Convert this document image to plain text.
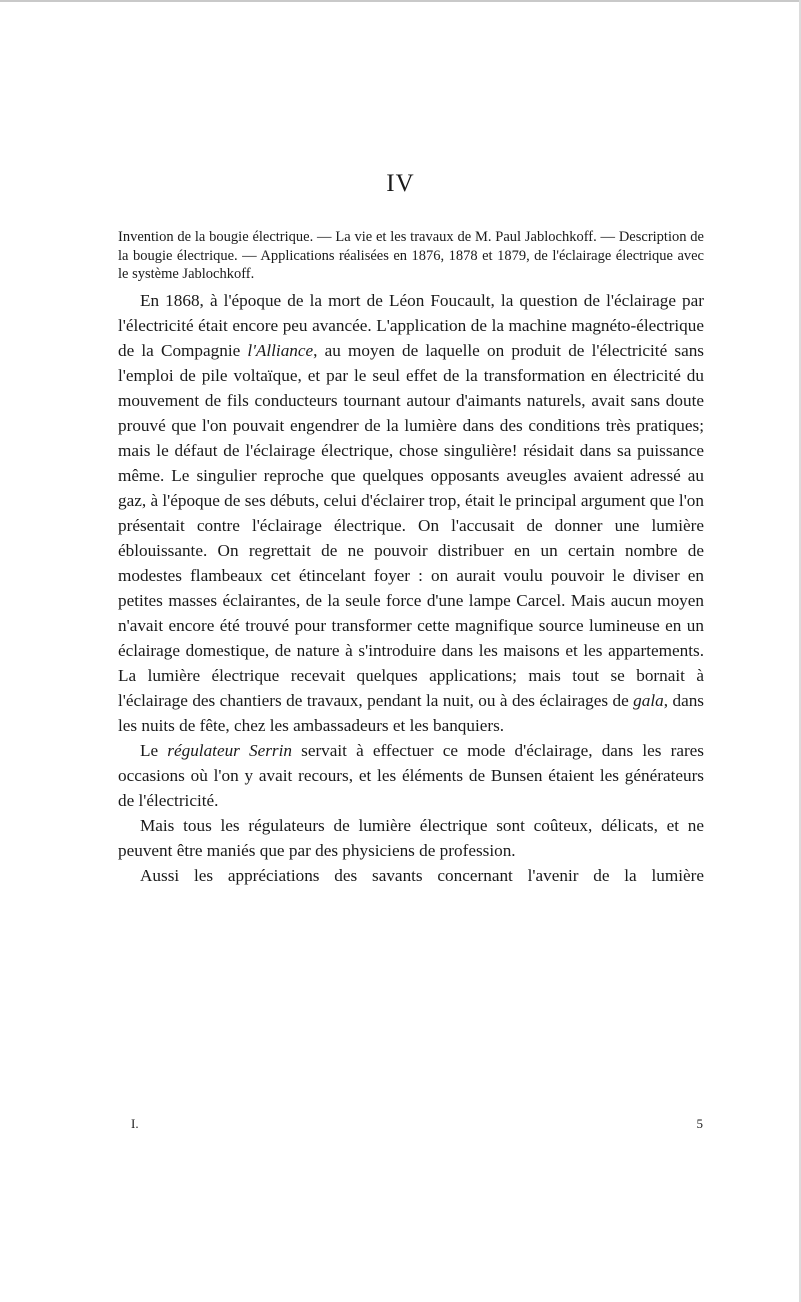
IV
Invention de la bougie électrique. — La vie et les travaux de M. Paul Jablochkoff. — Description de la bougie électrique. — Applications réalisées en 1876, 1878 et 1879, de l'éclairage électrique avec le système Jablochkoff.

En 1868, à l'époque de la mort de Léon Foucault, la question de l'éclairage par l'électricité était encore peu avancée. L'application de la machine magnéto-électrique de la Compagnie l'Alliance, au moyen de laquelle on produit de l'électricité sans l'emploi de pile voltaïque, et par le seul effet de la transformation en électricité du mouvement de fils conducteurs tournant autour d'aimants naturels, avait sans doute prouvé que l'on pouvait engendrer de la lumière dans des conditions très pratiques; mais le défaut de l'éclairage électrique, chose singulière! résidait dans sa puissance même. Le singulier reproche que quelques opposants aveugles avaient adressé au gaz, à l'époque de ses débuts, celui d'éclairer trop, était le principal argument que l'on présentait contre l'éclairage électrique. On l'accusait de donner une lumière éblouissante. On regrettait de ne pouvoir distribuer en un certain nombre de modestes flambeaux cet étincelant foyer : on aurait voulu pouvoir le diviser en petites masses éclairantes, de la seule force d'une lampe Carcel. Mais aucun moyen n'avait encore été trouvé pour transformer cette magnifique source lumineuse en un éclairage domestique, de nature à s'introduire dans les maisons et les appartements. La lumière électrique recevait quelques applications; mais tout se bornait à l'éclairage des chantiers de travaux, pendant la nuit, ou à des éclairages de gala, dans les nuits de fête, chez les ambassadeurs et les banquiers.

Le régulateur Serrin servait à effectuer ce mode d'éclairage, dans les rares occasions où l'on y avait recours, et les éléments de Bunsen étaient les générateurs de l'électricité.

Mais tous les régulateurs de lumière électrique sont coûteux, délicats, et ne peuvent être maniés que par des physiciens de profession.

Aussi les appréciations des savants concernant l'avenir de la lumière

I.	5
